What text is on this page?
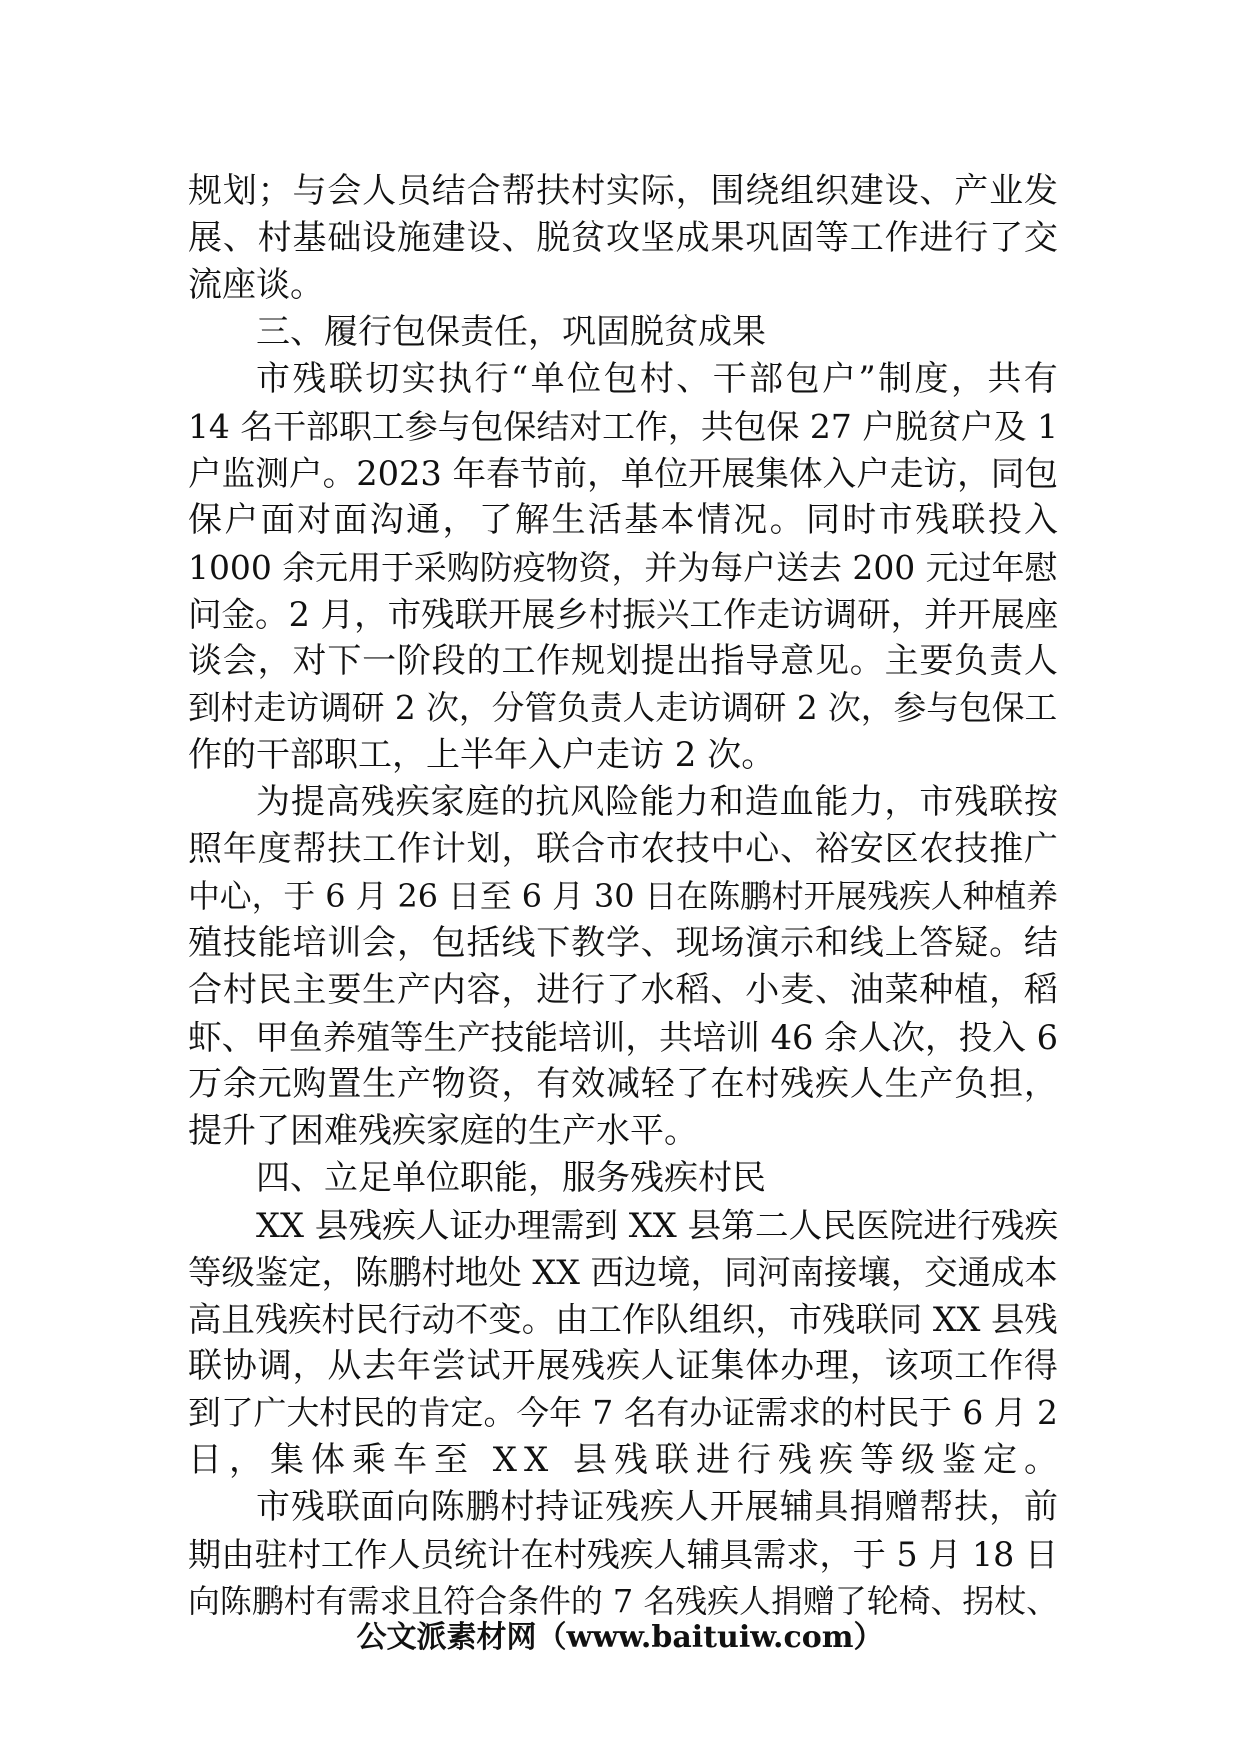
规划；与会人员结合帮扶村实际，围绕组织建设、产业发
展、村基础设施建设、脱贫攻坚成果巩固等工作进行了交
流座谈。
三、履行包保责任，巩固脱贫成果
市残联切实执行“单位包村、干部包户”制度，共有
14 名干部职工参与包保结对工作，共包保 27 户脱贫户及 1
户监测户。2023 年春节前，单位开展集体入户走访，同包
保户面对面沟通，了解生活基本情况。同时市残联投入
1000 余元用于采购防疫物资，并为每户送去 200 元过年慰
问金。2 月，市残联开展乡村振兴工作走访调研，并开展座
谈会，对下一阶段的工作规划提出指导意见。主要负责人
到村走访调研 2 次，分管负责人走访调研 2 次，参与包保工
作的干部职工，上半年入户走访 2 次。
为提高残疾家庭的抗风险能力和造血能力，市残联按
照年度帮扶工作计划，联合市农技中心、裕安区农技推广
中心，于 6 月 26 日至 6 月 30 日在陈鹏村开展残疾人种植养
殖技能培训会，包括线下教学、现场演示和线上答疑。结
合村民主要生产内容，进行了水稻、小麦、油菜种植，稻
虾、甲鱼养殖等生产技能培训，共培训 46 余人次，投入 6
万余元购置生产物资，有效减轻了在村残疾人生产负担，
提升了困难残疾家庭的生产水平。
四、立足单位职能，服务残疾村民
XX 县残疾人证办理需到 XX 县第二人民医院进行残疾
等级鉴定，陈鹏村地处 XX 西边境，同河南接壤，交通成本
高且残疾村民行动不变。由工作队组织，市残联同 XX 县残
联协调，从去年尝试开展残疾人证集体办理，该项工作得
到了广大村民的肯定。今年 7 名有办证需求的村民于 6 月 2
日，集体乘车至 XX 县残联进行残疾等级鉴定。
市残联面向陈鹏村持证残疾人开展辅具捐赠帮扶，前
期由驻村工作人员统计在村残疾人辅具需求，于 5 月 18 日
向陈鹏村有需求且符合条件的 7 名残疾人捐赠了轮椅、拐杖、
公文派素材网（www.baituiw.com）
